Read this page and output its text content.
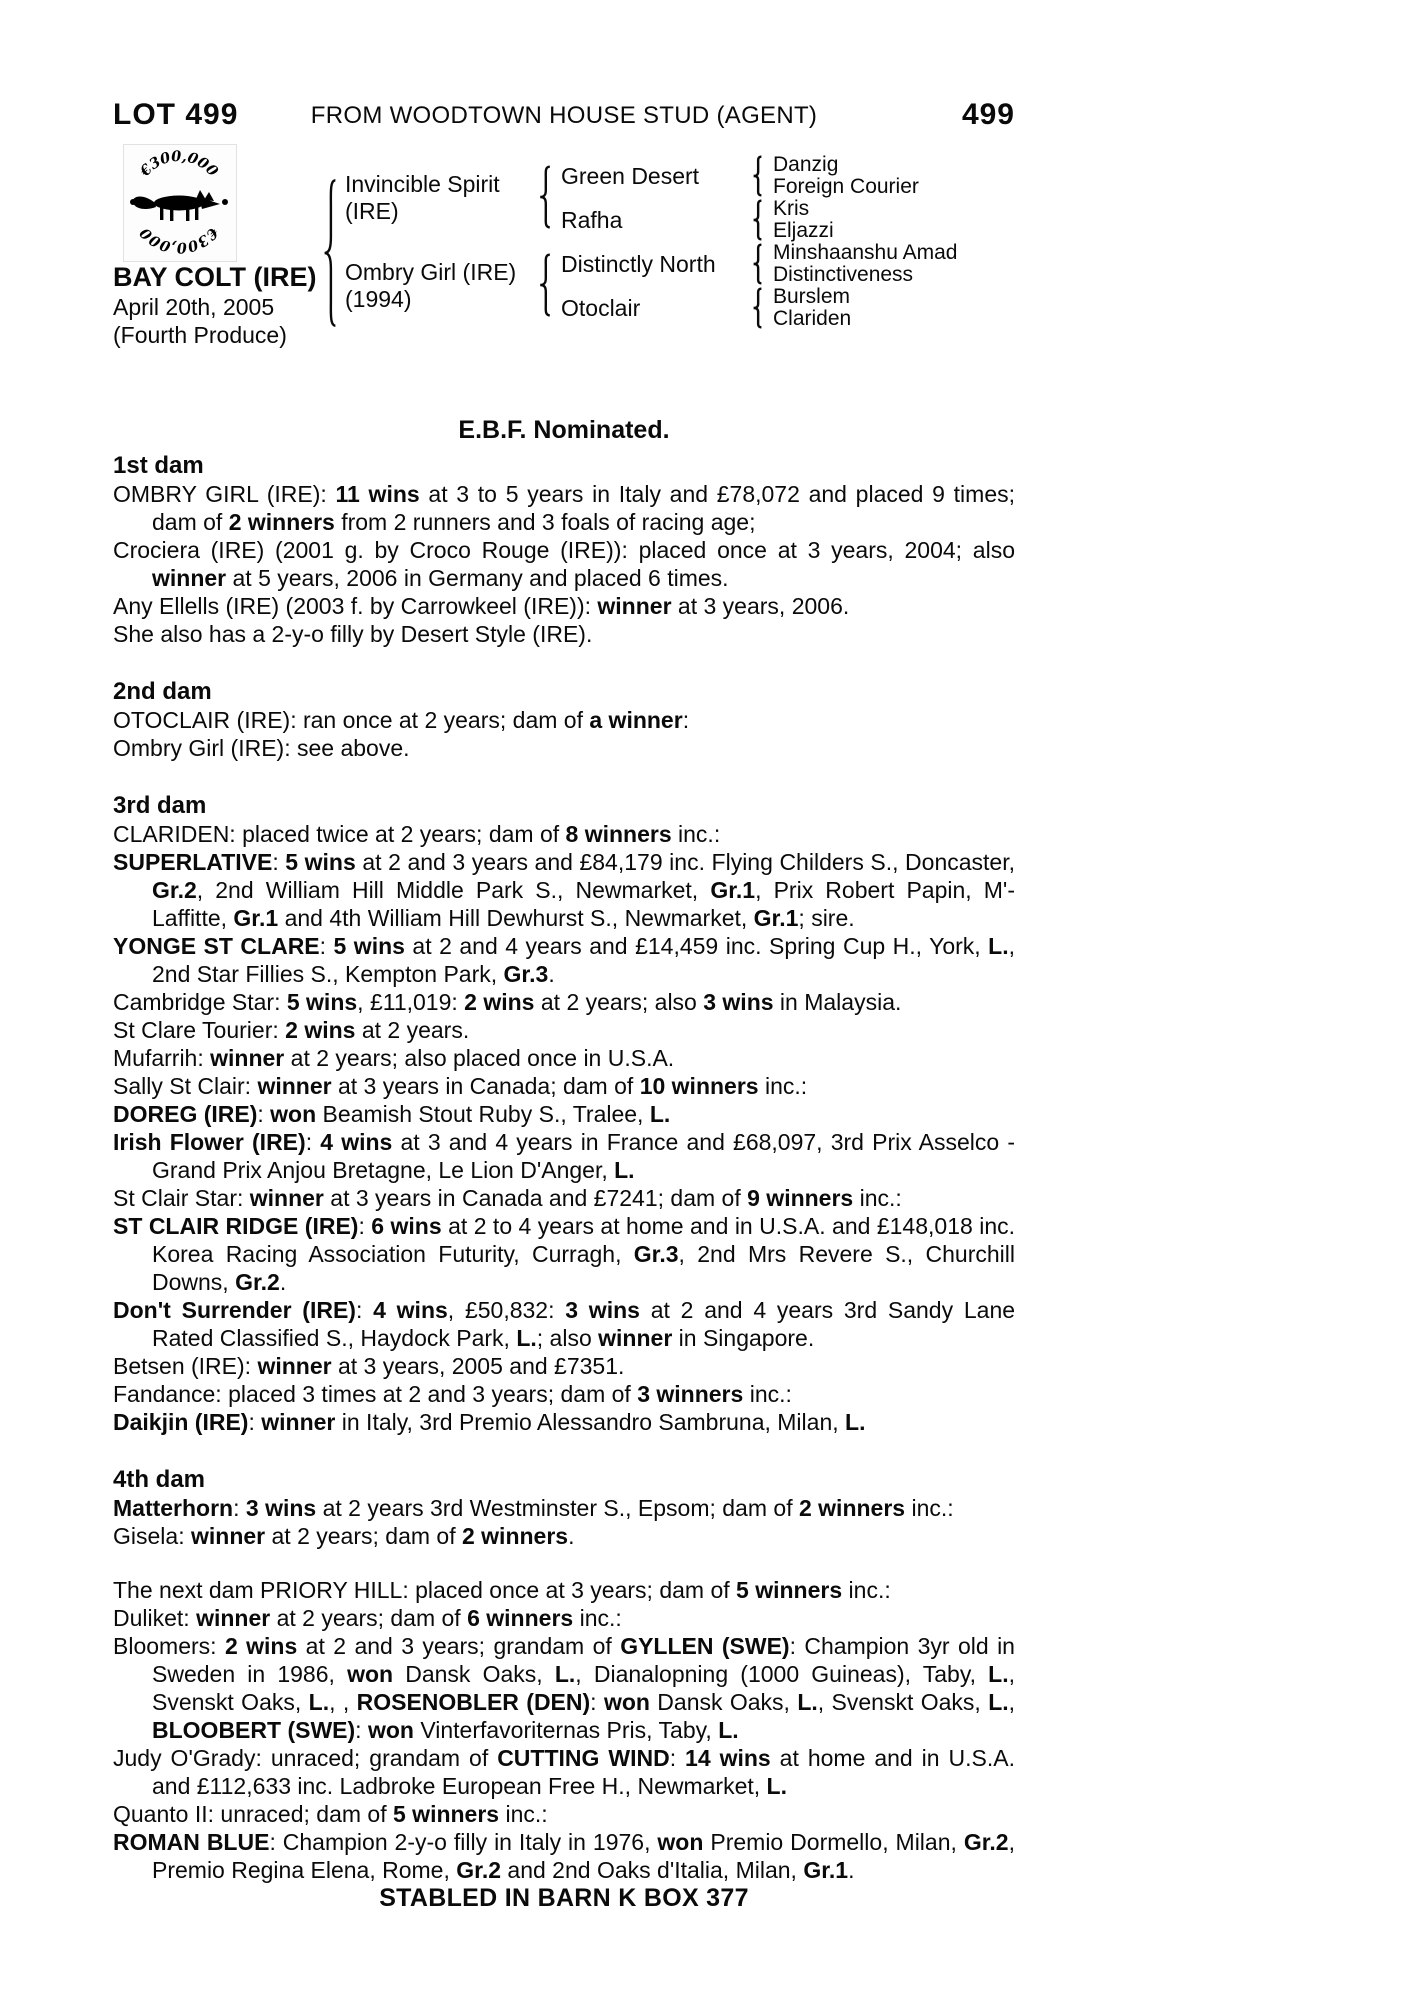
LOT 499	FROM WOODTOWN HOUSE STUD (AGENT)	499
€300,000
€300,000
BAY COLT (IRE)
April 20th, 2005
(Fourth Produce)
Invincible Spirit
(IRE)
Ombry Girl (IRE)
(1994)
Green Desert
Rafha
Distinctly North
Otoclair
Danzig
Foreign Courier
Kris
Eljazzi
Minshaanshu Amad
Distinctiveness
Burslem
Clariden
E.B.F. Nominated.
1st dam

OMBRY GIRL (IRE): 11 wins at 3 to 5 years in Italy and £78,072 and placed 9 times; dam of 2 winners from 2 runners and 3 foals of racing age;

Crociera (IRE) (2001 g. by Croco Rouge (IRE)): placed once at 3 years, 2004; also winner at 5 years, 2006 in Germany and placed 6 times.

Any Ellells (IRE) (2003 f. by Carrowkeel (IRE)): winner at 3 years, 2006.

She also has a 2-y-o filly by Desert Style (IRE).

2nd dam

OTOCLAIR (IRE): ran once at 2 years; dam of a winner:

Ombry Girl (IRE): see above.

3rd dam

CLARIDEN: placed twice at 2 years; dam of 8 winners inc.:

SUPERLATIVE: 5 wins at 2 and 3 years and £84,179 inc. Flying Childers S., Doncaster, Gr.2, 2nd William Hill Middle Park S., Newmarket, Gr.1, Prix Robert Papin, M'-Laffitte, Gr.1 and 4th William Hill Dewhurst S., Newmarket, Gr.1; sire.

YONGE ST CLARE: 5 wins at 2 and 4 years and £14,459 inc. Spring Cup H., York, L., 2nd Star Fillies S., Kempton Park, Gr.3.

Cambridge Star: 5 wins, £11,019: 2 wins at 2 years; also 3 wins in Malaysia.

St Clare Tourier: 2 wins at 2 years.

Mufarrih: winner at 2 years; also placed once in U.S.A.

Sally St Clair: winner at 3 years in Canada; dam of 10 winners inc.:

DOREG (IRE): won Beamish Stout Ruby S., Tralee, L.

Irish Flower (IRE): 4 wins at 3 and 4 years in France and £68,097, 3rd Prix Asselco - Grand Prix Anjou Bretagne, Le Lion D'Anger, L.

St Clair Star: winner at 3 years in Canada and £7241; dam of 9 winners inc.:

ST CLAIR RIDGE (IRE): 6 wins at 2 to 4 years at home and in U.S.A. and £148,018 inc. Korea Racing Association Futurity, Curragh, Gr.3, 2nd Mrs Revere S., Churchill Downs, Gr.2.

Don't Surrender (IRE): 4 wins, £50,832: 3 wins at 2 and 4 years 3rd Sandy Lane Rated Classified S., Haydock Park, L.; also winner in Singapore.

Betsen (IRE): winner at 3 years, 2005 and £7351.

Fandance: placed 3 times at 2 and 3 years; dam of 3 winners inc.:

Daikjin (IRE): winner in Italy, 3rd Premio Alessandro Sambruna, Milan, L.

4th dam

Matterhorn: 3 wins at 2 years 3rd Westminster S., Epsom; dam of 2 winners inc.:

Gisela: winner at 2 years; dam of 2 winners.

The next dam PRIORY HILL: placed once at 3 years; dam of 5 winners inc.:

Duliket: winner at 2 years; dam of 6 winners inc.:

Bloomers: 2 wins at 2 and 3 years; grandam of GYLLEN (SWE): Champion 3yr old in Sweden in 1986, won Dansk Oaks, L., Dianalopning (1000 Guineas), Taby, L., Svenskt Oaks, L., , ROSENOBLER (DEN): won Dansk Oaks, L., Svenskt Oaks, L., BLOOBERT (SWE): won Vinterfavoriternas Pris, Taby, L.

Judy O'Grady: unraced; grandam of CUTTING WIND: 14 wins at home and in U.S.A. and £112,633 inc. Ladbroke European Free H., Newmarket, L.

Quanto II: unraced; dam of 5 winners inc.:

ROMAN BLUE: Champion 2-y-o filly in Italy in 1976, won Premio Dormello, Milan, Gr.2, Premio Regina Elena, Rome, Gr.2 and 2nd Oaks d'Italia, Milan, Gr.1.

STABLED IN BARN K BOX 377
